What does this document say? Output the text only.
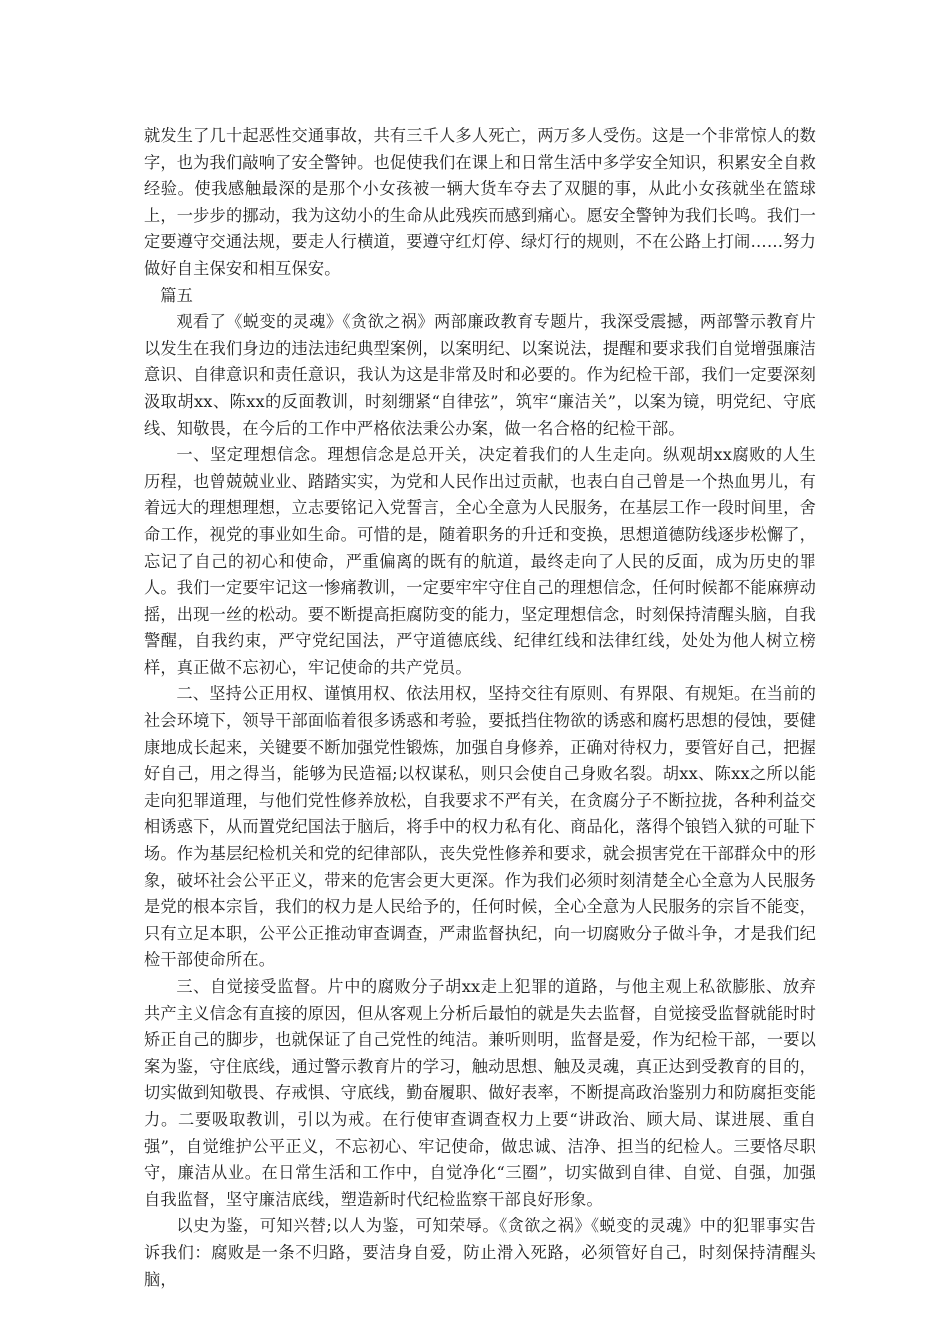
就发生了几十起恶性交通事故，共有三千人多人死亡，两万多人受伤。这是一个非常惊人的数字，也为我们敲响了安全警钟。也促使我们在课上和日常生活中多学安全知识，积累安全自救经验。使我感触最深的是那个小女孩被一辆大货车夺去了双腿的事，从此小女孩就坐在篮球上，一步步的挪动，我为这幼小的生命从此残疾而感到痛心。愿安全警钟为我们长鸣。我们一定要遵守交通法规，要走人行横道，要遵守红灯停、绿灯行的规则，不在公路上打闹……努力做好自主保安和相互保安。

篇五

观看了《蜕变的灵魂》《贪欲之祸》两部廉政教育专题片，我深受震撼，两部警示教育片以发生在我们身边的违法违纪典型案例，以案明纪、以案说法，提醒和要求我们自觉增强廉洁意识、自律意识和责任意识，我认为这是非常及时和必要的。作为纪检干部，我们一定要深刻汲取胡xx、陈xx的反面教训，时刻绷紧“自律弦”，筑牢“廉洁关”，以案为镜，明党纪、守底线、知敬畏，在今后的工作中严格依法秉公办案，做一名合格的纪检干部。

一、坚定理想信念。理想信念是总开关，决定着我们的人生走向。纵观胡xx腐败的人生历程，也曾兢兢业业、踏踏实实，为党和人民作出过贡献，也表白自己曾是一个热血男儿，有着远大的理想理想，立志要铭记入党誓言，全心全意为人民服务，在基层工作一段时间里，舍命工作，视党的事业如生命。可惜的是，随着职务的升迁和变换，思想道德防线逐步松懈了，忘记了自己的初心和使命，严重偏离的既有的航道，最终走向了人民的反面，成为历史的罪人。我们一定要牢记这一惨痛教训，一定要牢牢守住自己的理想信念，任何时候都不能麻痹动摇，出现一丝的松动。要不断提高拒腐防变的能力，坚定理想信念，时刻保持清醒头脑，自我警醒，自我约束，严守党纪国法，严守道德底线、纪律红线和法律红线，处处为他人树立榜样，真正做不忘初心，牢记使命的共产党员。

二、坚持公正用权、谨慎用权、依法用权，坚持交往有原则、有界限、有规矩。在当前的社会环境下，领导干部面临着很多诱惑和考验，要抵挡住物欲的诱惑和腐朽思想的侵蚀，要健康地成长起来，关键要不断加强党性锻炼，加强自身修养，正确对待权力，要管好自己，把握好自己，用之得当，能够为民造福;以权谋私，则只会使自己身败名裂。胡xx、陈xx之所以能走向犯罪道理，与他们党性修养放松，自我要求不严有关，在贪腐分子不断拉拢，各种利益交相诱惑下，从而置党纪国法于脑后，将手中的权力私有化、商品化，落得个锒铛入狱的可耻下场。作为基层纪检机关和党的纪律部队，丧失党性修养和要求，就会损害党在干部群众中的形象，破坏社会公平正义，带来的危害会更大更深。作为我们必须时刻清楚全心全意为人民服务是党的根本宗旨，我们的权力是人民给予的，任何时候，全心全意为人民服务的宗旨不能变，只有立足本职，公平公正推动审查调查，严肃监督执纪，向一切腐败分子做斗争，才是我们纪检干部使命所在。

三、自觉接受监督。片中的腐败分子胡xx走上犯罪的道路，与他主观上私欲膨胀、放弃共产主义信念有直接的原因，但从客观上分析后最怕的就是失去监督，自觉接受监督就能时时矫正自己的脚步，也就保证了自己党性的纯洁。兼听则明，监督是爱，作为纪检干部，一要以案为鉴，守住底线，通过警示教育片的学习，触动思想、触及灵魂，真正达到受教育的目的，切实做到知敬畏、存戒惧、守底线，勤奋履职、做好表率，不断提高政治鉴别力和防腐拒变能力。二要吸取教训，引以为戒。在行使审查调查权力上要“讲政治、顾大局、谋进展、重自强”，自觉维护公平正义，不忘初心、牢记使命，做忠诚、洁净、担当的纪检人。三要恪尽职守，廉洁从业。在日常生活和工作中，自觉净化“三圈”，切实做到自律、自觉、自强，加强自我监督，坚守廉洁底线，塑造新时代纪检监察干部良好形象。

以史为鉴，可知兴替;以人为鉴，可知荣辱。《贪欲之祸》《蜕变的灵魂》中的犯罪事实告诉我们：腐败是一条不归路，要洁身自爱，防止滑入死路，必须管好自己，时刻保持清醒头脑，
